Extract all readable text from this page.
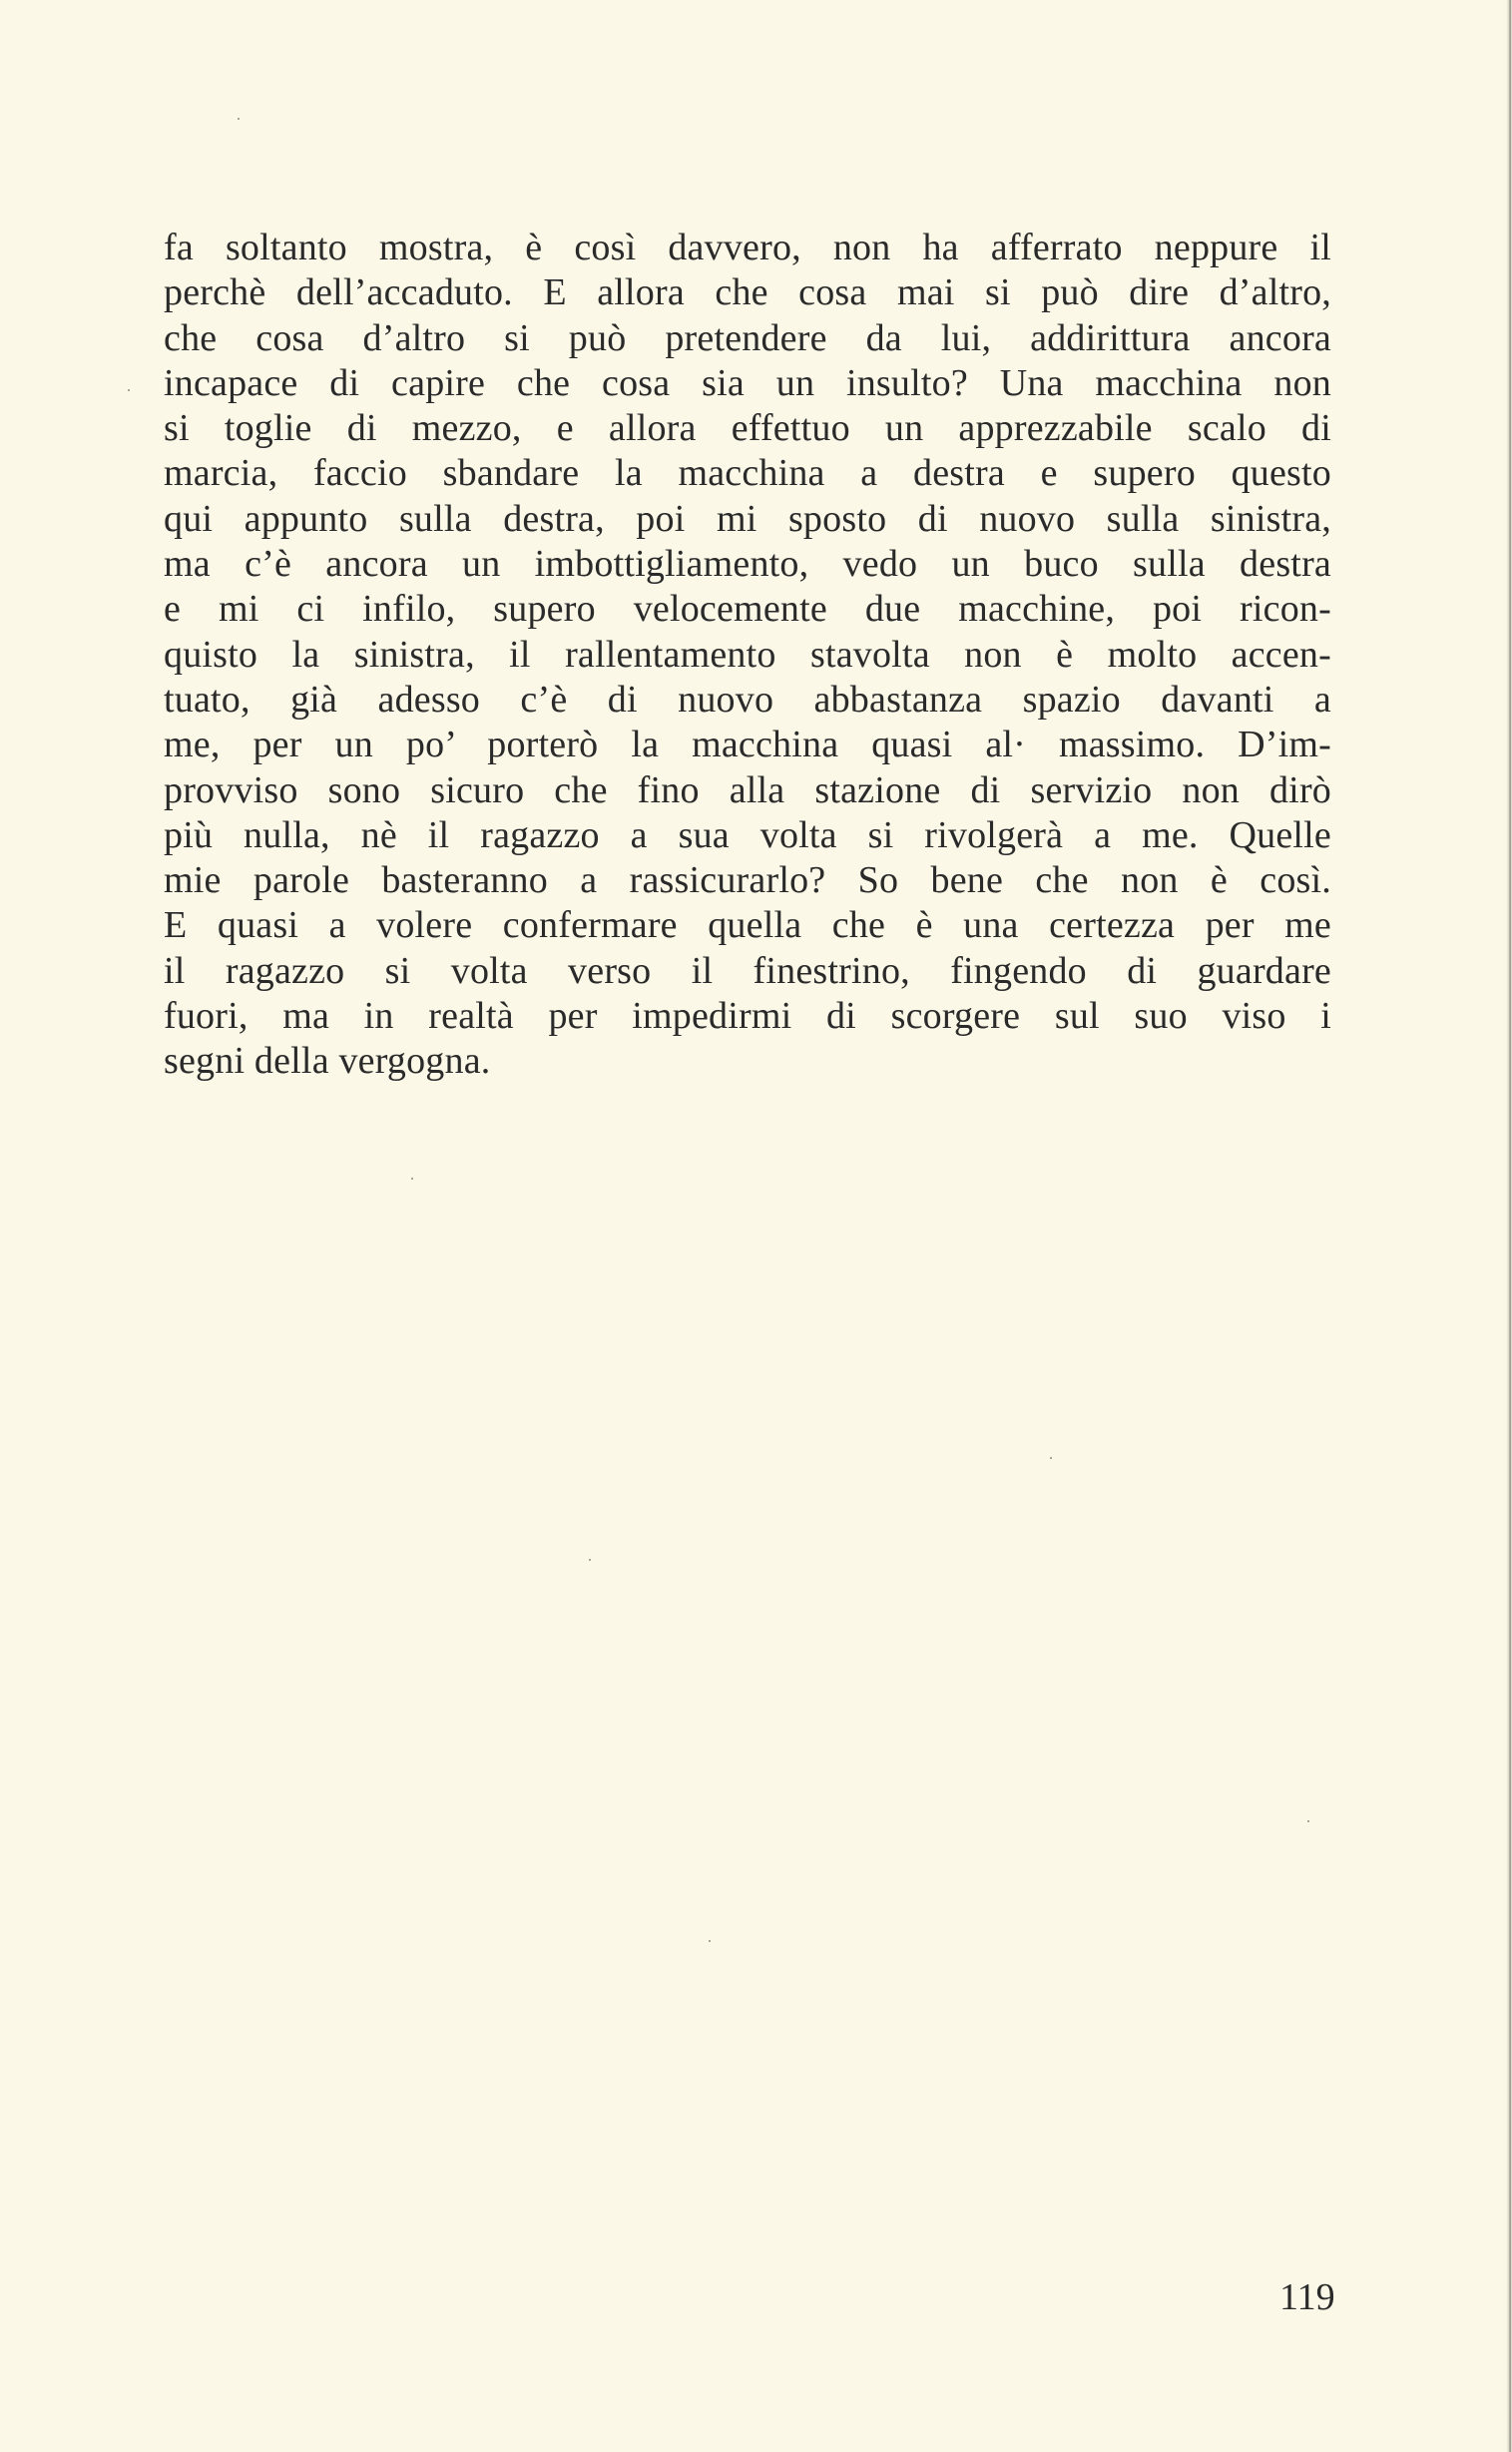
fa soltanto mostra, è così davvero, non ha afferrato neppure il
perchè dell’accaduto. E allora che cosa mai si può dire d’altro,
che cosa d’altro si può pretendere da lui, addirittura ancora
incapace di capire che cosa sia un insulto? Una macchina non
si toglie di mezzo, e allora effettuo un apprezzabile scalo di
marcia, faccio sbandare la macchina a destra e supero questo
qui appunto sulla destra, poi mi sposto di nuovo sulla sinistra,
ma c’è ancora un imbottigliamento, vedo un buco sulla destra
e mi ci infilo, supero velocemente due macchine, poi ricon-
quisto la sinistra, il rallentamento stavolta non è molto accen-
tuato, già adesso c’è di nuovo abbastanza spazio davanti a
me, per un po’ porterò la macchina quasi al· massimo. D’im-
provviso sono sicuro che fino alla stazione di servizio non dirò
più nulla, nè il ragazzo a sua volta si rivolgerà a me. Quelle
mie parole basteranno a rassicurarlo? So bene che non è così.
E quasi a volere confermare quella che è una certezza per me
il ragazzo si volta verso il finestrino, fingendo di guardare
fuori, ma in realtà per impedirmi di scorgere sul suo viso i
segni della vergogna.
119
